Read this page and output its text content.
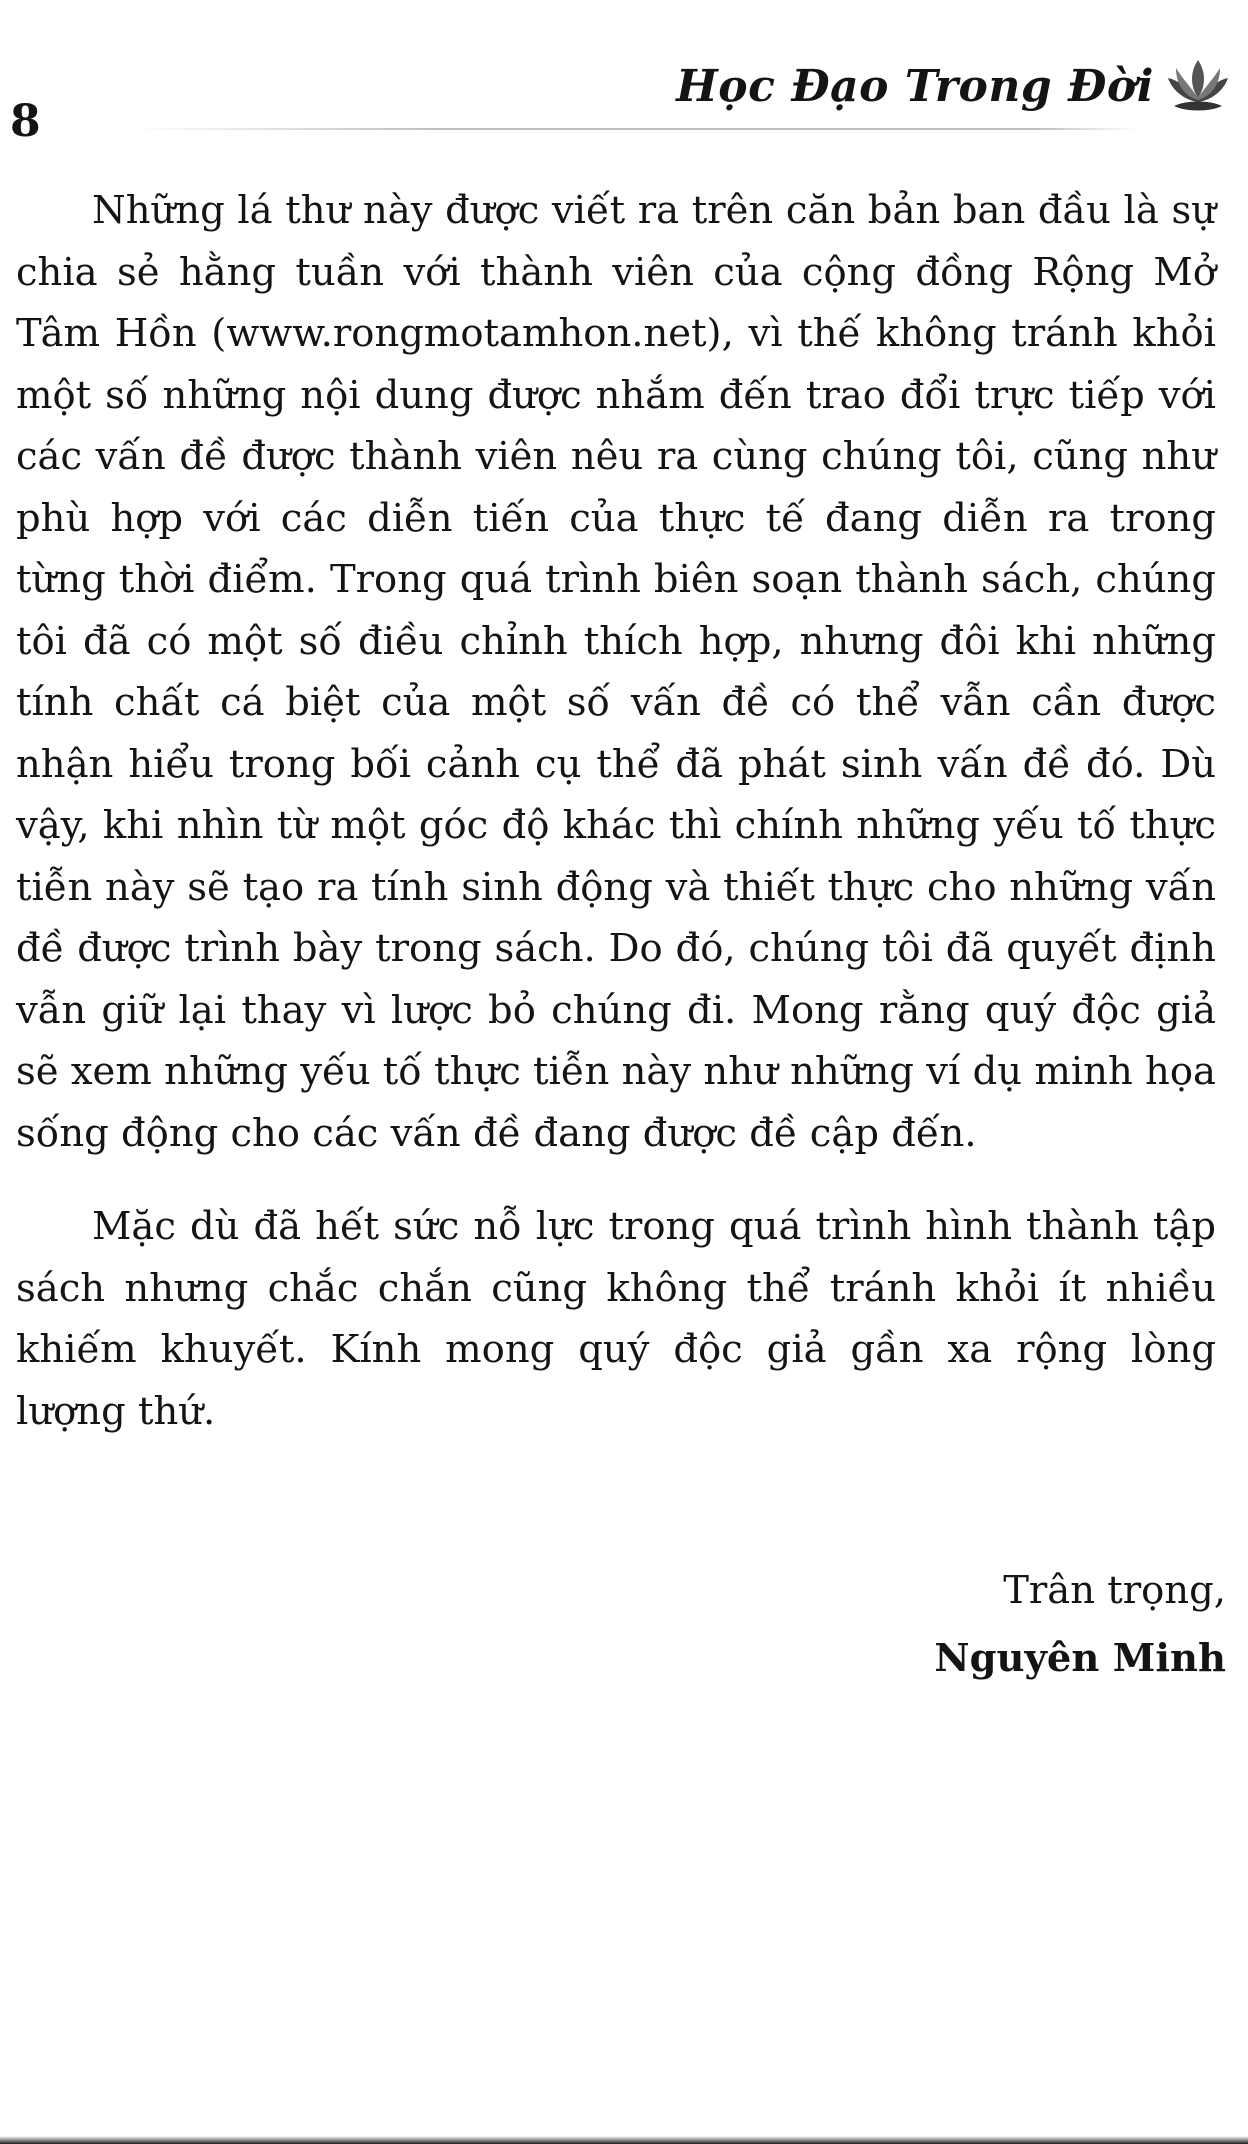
8
Học Đạo Trong Đời

Những lá thư này được viết ra trên căn bản ban đầu là sự chia sẻ hằng tuần với thành viên của cộng đồng Rộng Mở Tâm Hồn (www.rongmotamhon.net), vì thế không tránh khỏi một số những nội dung được nhắm đến trao đổi trực tiếp với các vấn đề được thành viên nêu ra cùng chúng tôi, cũng như phù hợp với các diễn tiến của thực tế đang diễn ra trong từng thời điểm. Trong quá trình biên soạn thành sách, chúng tôi đã có một số điều chỉnh thích hợp, nhưng đôi khi những tính chất cá biệt của một số vấn đề có thể vẫn cần được nhận hiểu trong bối cảnh cụ thể đã phát sinh vấn đề đó. Dù vậy, khi nhìn từ một góc độ khác thì chính những yếu tố thực tiễn này sẽ tạo ra tính sinh động và thiết thực cho những vấn đề được trình bày trong sách. Do đó, chúng tôi đã quyết định vẫn giữ lại thay vì lược bỏ chúng đi. Mong rằng quý độc giả sẽ xem những yếu tố thực tiễn này như những ví dụ minh họa sống động cho các vấn đề đang được đề cập đến.

Mặc dù đã hết sức nỗ lực trong quá trình hình thành tập sách nhưng chắc chắn cũng không thể tránh khỏi ít nhiều khiếm khuyết. Kính mong quý độc giả gần xa rộng lòng lượng thứ.

Trân trọng,
Nguyên Minh
